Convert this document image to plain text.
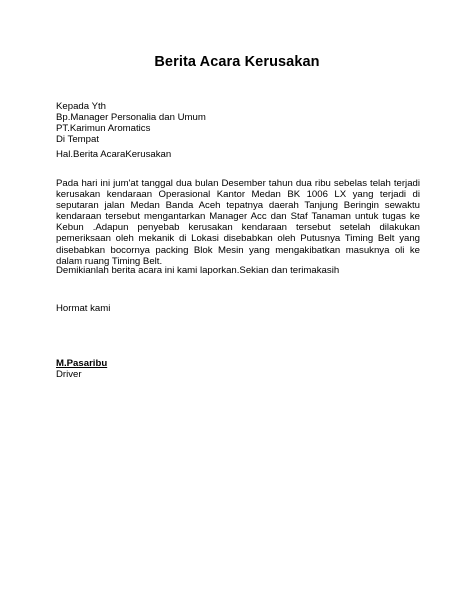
Berita Acara Kerusakan
Kepada Yth
Bp.Manager Personalia dan Umum
PT.Karimun Aromatics
Di Tempat
Hal.Berita AcaraKerusakan
Pada hari ini jum'at tanggal dua bulan Desember tahun dua ribu sebelas telah terjadi kerusakan kendaraan Operasional Kantor Medan BK 1006 LX yang terjadi di seputaran jalan Medan Banda Aceh tepatnya daerah Tanjung Beringin sewaktu kendaraan tersebut mengantarkan Manager Acc dan Staf Tanaman untuk tugas ke Kebun .Adapun penyebab kerusakan kendaraan tersebut setelah dilakukan pemeriksaan oleh mekanik di Lokasi disebabkan oleh Putusnya Timing Belt yang disebabkan bocornya packing Blok Mesin yang mengakibatkan masuknya oli ke dalam ruang Timing Belt.
Demikianlah berita acara ini kami laporkan.Sekian dan terimakasih
Hormat kami
M.Pasaribu
Driver
